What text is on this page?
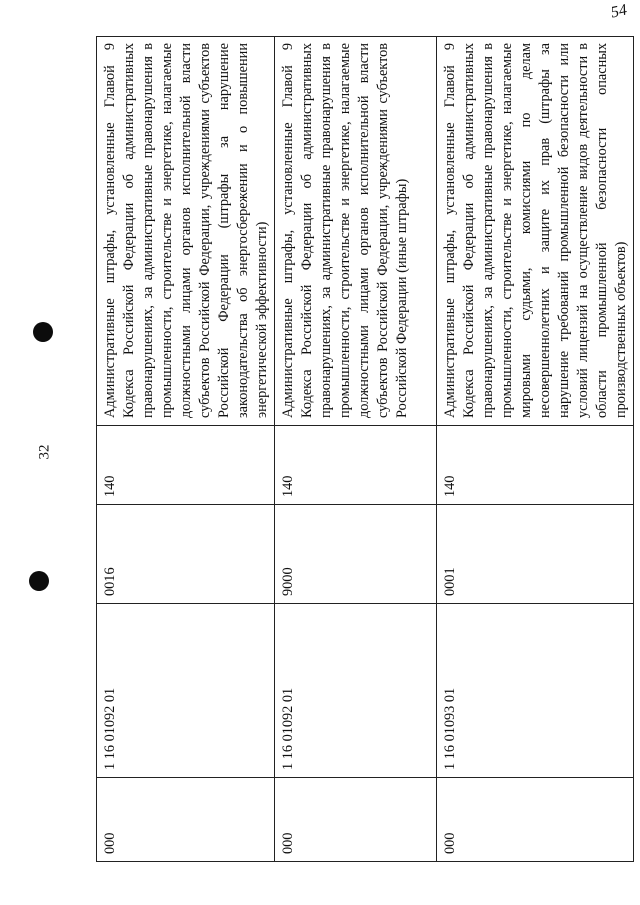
32
54
000	1 16 01092 01	0016	140	Административные штрафы, установленные Главой 9 Кодекса Российской Федерации об административных правонарушениях, за административные правонарушения в промышленности, строительстве и энергетике, налагаемые должностными лицами органов исполнительной власти субъектов Российской Федерации, учреждениями субъектов Российской Федерации (штрафы за нарушение законодательства об энергосбережении и о повышении энергетической эффективности)
000	1 16 01092 01	9000	140	Административные штрафы, установленные Главой 9 Кодекса Российской Федерации об административных правонарушениях, за административные правонарушения в промышленности, строительстве и энергетике, налагаемые должностными лицами органов исполнительной власти субъектов Российской Федерации, учреждениями субъектов Российской Федерации (иные штрафы)
000	1 16 01093 01	0001	140	Административные штрафы, установленные Главой 9 Кодекса Российской Федерации об административных правонарушениях, за административные правонарушения в промышленности, строительстве и энергетике, налагаемые мировыми судьями, комиссиями по делам несовершеннолетних и защите их прав (штрафы за нарушение требований промышленной безопасности или условий лицензий на осуществление видов деятельности в области промышленной безопасности опасных производственных объектов)
